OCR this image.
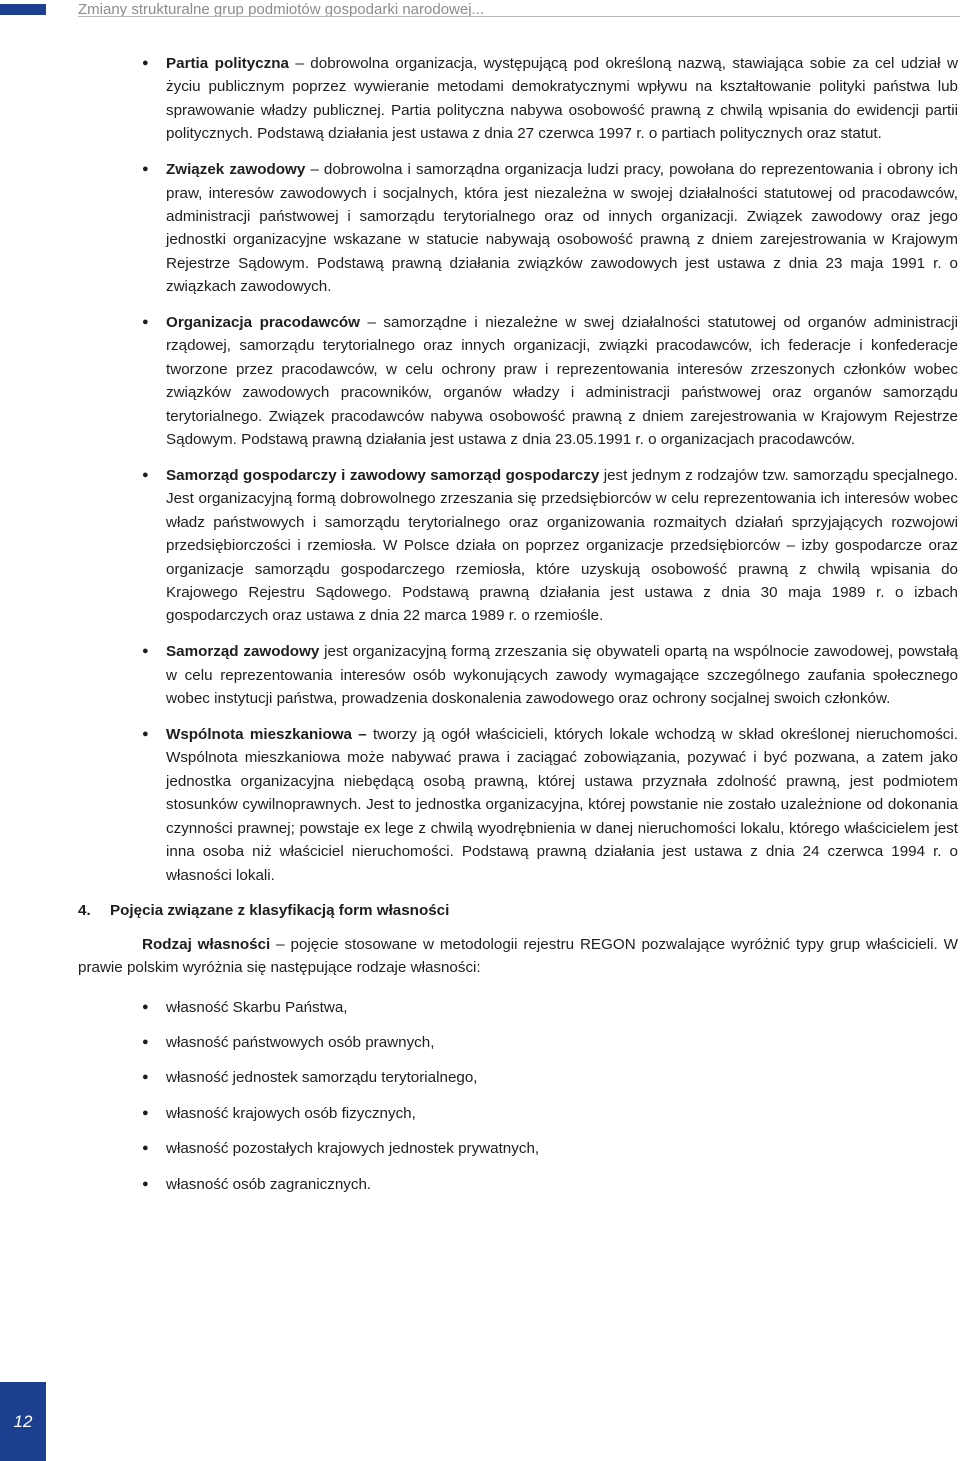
Zmiany strukturalne grup podmiotów gospodarki narodowej...
● Partia polityczna – dobrowolna organizacja, występującą pod określoną nazwą, stawiająca sobie za cel udział w życiu publicznym poprzez wywieranie metodami demokratycznymi wpływu na kształtowanie polityki państwa lub sprawowanie władzy publicznej. Partia polityczna nabywa osobowość prawną z chwilą wpisania do ewidencji partii politycznych. Podstawą działania jest ustawa z dnia 27 czerwca 1997 r. o partiach politycznych oraz statut.
● Związek zawodowy – dobrowolna i samorządna organizacja ludzi pracy, powołana do reprezentowania i obrony ich praw, interesów zawodowych i socjalnych, która jest niezależna w swojej działalności statutowej od pracodawców, administracji państwowej i samorządu terytorialnego oraz od innych organizacji. Związek zawodowy oraz jego jednostki organizacyjne wskazane w statucie nabywają osobowość prawną z dniem zarejestrowania w Krajowym Rejestrze Sądowym. Podstawą prawną działania związków zawodowych jest ustawa z dnia 23 maja 1991 r. o związkach zawodowych.
● Organizacja pracodawców – samorządne i niezależne w swej działalności statutowej od organów administracji rządowej, samorządu terytorialnego oraz innych organizacji, związki pracodawców, ich federacje i konfederacje tworzone przez pracodawców, w celu ochrony praw i reprezentowania interesów zrzeszonych członków wobec związków zawodowych pracowników, organów władzy i administracji państwowej oraz organów samorządu terytorialnego. Związek pracodawców nabywa osobowość prawną z dniem zarejestrowania w Krajowym Rejestrze Sądowym. Podstawą prawną działania jest ustawa z dnia 23.05.1991 r. o organizacjach pracodawców.
● Samorząd gospodarczy i zawodowy samorząd gospodarczy jest jednym z rodzajów tzw. samorządu specjalnego. Jest organizacyjną formą dobrowolnego zrzeszania się przedsiębiorców w celu reprezentowania ich interesów wobec władz państwowych i samorządu terytorialnego oraz organizowania rozmaitych działań sprzyjających rozwojowi przedsiębiorczości i rzemiosła. W Polsce działa on poprzez organizacje przedsiębiorców – izby gospodarcze oraz organizacje samorządu gospodarczego rzemiosła, które uzyskują osobowość prawną z chwilą wpisania do Krajowego Rejestru Sądowego. Podstawą prawną działania jest ustawa z dnia 30 maja 1989 r. o izbach gospodarczych oraz ustawa z dnia 22 marca 1989 r. o rzemiośle.
● Samorząd zawodowy jest organizacyjną formą zrzeszania się obywateli opartą na wspólnocie zawodowej, powstałą w celu reprezentowania interesów osób wykonujących zawody wymagające szczególnego zaufania społecznego wobec instytucji państwa, prowadzenia doskonalenia zawodowego oraz ochrony socjalnej swoich członków.
● Wspólnota mieszkaniowa – tworzy ją ogół właścicieli, których lokale wchodzą w skład określonej nieruchomości. Wspólnota mieszkaniowa może nabywać prawa i zaciągać zobowiązania, pozywać i być pozwana, a zatem jako jednostka organizacyjna niebędącą osobą prawną, której ustawa przyznała zdolność prawną, jest podmiotem stosunków cywilnoprawnych. Jest to jednostka organizacyjna, której powstanie nie zostało uzależnione od dokonania czynności prawnej; powstaje ex lege z chwilą wyodrębnienia w danej nieruchomości lokalu, którego właścicielem jest inna osoba niż właściciel nieruchomości. Podstawą prawną działania jest ustawa z dnia 24 czerwca 1994 r. o własności lokali.
4.	Pojęcia związane z klasyfikacją form własności

Rodzaj własności – pojęcie stosowane w metodologii rejestru REGON pozwalające wyróżnić typy grup właścicieli. W prawie polskim wyróżnia się następujące rodzaje własności:

● własność Skarbu Państwa,
● własność państwowych osób prawnych,
● własność jednostek samorządu terytorialnego,
● własność krajowych osób fizycznych,
● własność pozostałych krajowych jednostek prywatnych,
● własność osób zagranicznych.
12
